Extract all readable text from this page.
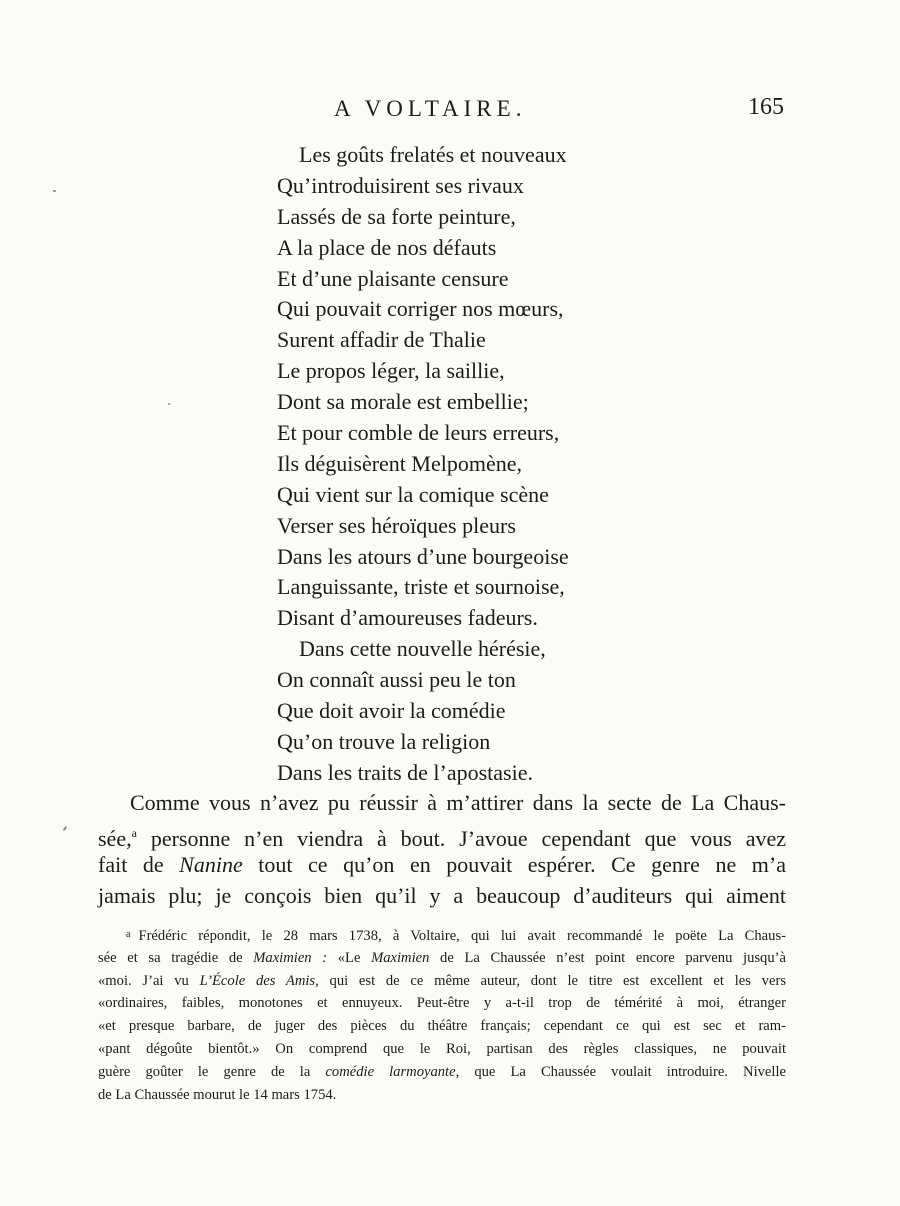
A VOLTAIRE.	165
Les goûts frelatés et nouveaux
Qu’introduisirent ses rivaux
Lassés de sa forte peinture,
A la place de nos défauts
Et d’une plaisante censure
Qui pouvait corriger nos mœurs,
Surent affadir de Thalie
Le propos léger, la saillie,
Dont sa morale est embellie;
Et pour comble de leurs erreurs,
Ils déguisèrent Melpomène,
Qui vient sur la comique scène
Verser ses héroïques pleurs
Dans les atours d’une bourgeoise
Languissante, triste et sournoise,
Disant d’amoureuses fadeurs.
Dans cette nouvelle hérésie,
On connaît aussi peu le ton
Que doit avoir la comédie
Qu’on trouve la religion
Dans les traits de l’apostasie.
Comme vous n’avez pu réussir à m’attirer dans la secte de La Chaus-
sée,$^a$ personne n’en viendra à bout. J’avoue cependant que vous avez
fait de Nanine tout ce qu’on en pouvait espérer. Ce genre ne m’a
jamais plu; je conçois bien qu’il y a beaucoup d’auditeurs qui aiment
$^a$ Frédéric répondit, le 28 mars 1738, à Voltaire, qui lui avait recommandé le poëte La Chaus-
sée et sa tragédie de Maximien : «Le Maximien de La Chaussée n’est point encore parvenu jusqu’à
«moi. J’ai vu L’École des Amis, qui est de ce même auteur, dont le titre est excellent et les vers
«ordinaires, faibles, monotones et ennuyeux. Peut-être y a-t-il trop de témérité à moi, étranger
«et presque barbare, de juger des pièces du théâtre français; cependant ce qui est sec et ram-
«pant dégoûte bientôt.» On comprend que le Roi, partisan des règles classiques, ne pouvait
guère goûter le genre de la comédie larmoyante, que La Chaussée voulait introduire. Nivelle
de La Chaussée mourut le 14 mars 1754.
